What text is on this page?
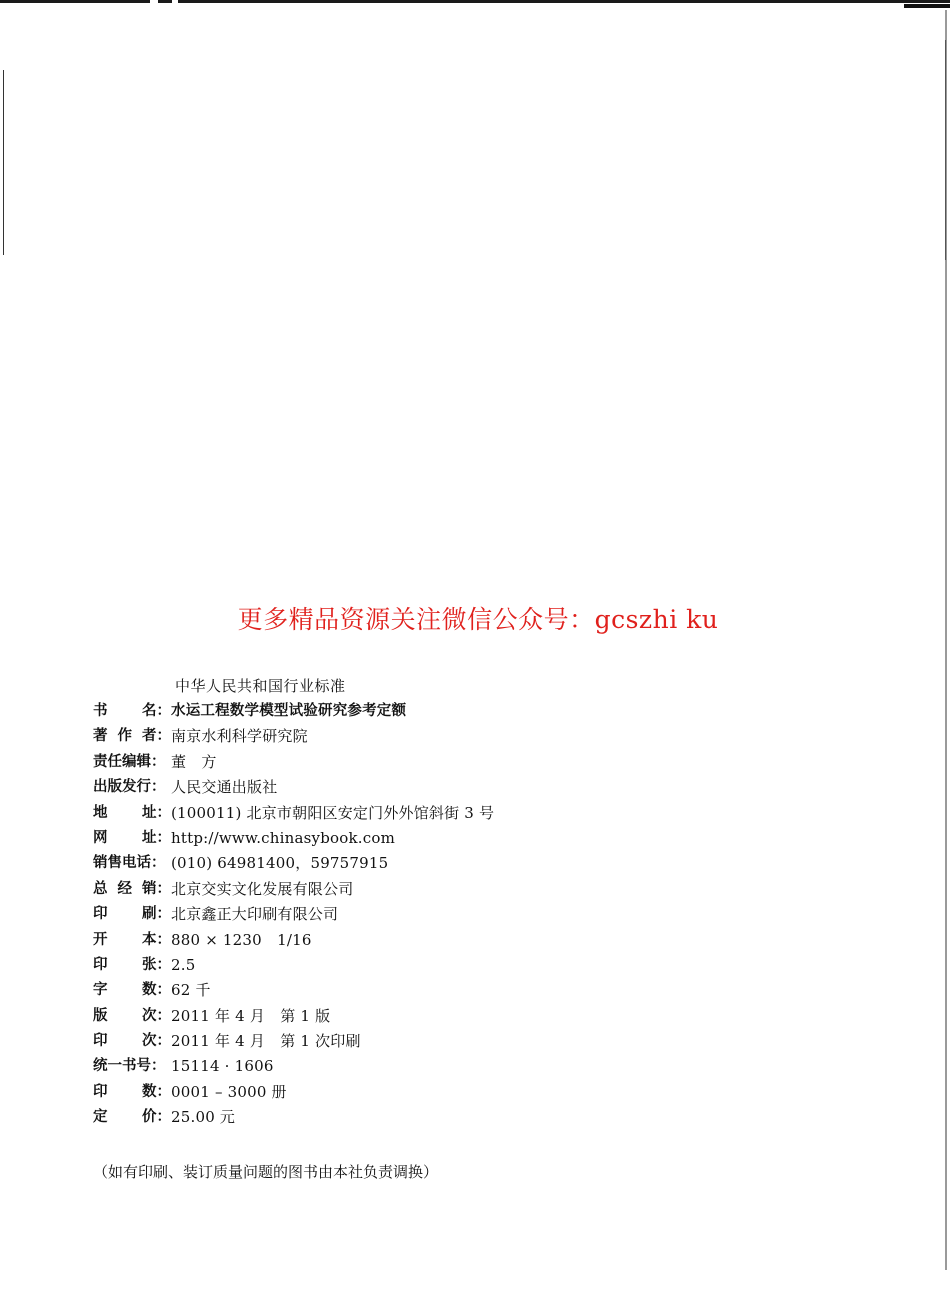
更多精品资源关注微信公众号：gcszhi ku
中华人民共和国行业标准
书 名： 水运工程数学模型试验研究参考定额
著 作 者： 南京水利科学研究院
责任编辑： 董　方
出版发行： 人民交通出版社
地 址： (100011) 北京市朝阳区安定门外外馆斜街 3 号
网 址： http://www.chinasybook.com
销售电话： (010) 64981400，59757915
总 经 销： 北京交实文化发展有限公司
印 刷： 北京鑫正大印刷有限公司
开 本： 880 × 1230　1/16
印 张： 2.5
字 数： 62 千
版 次： 2011 年 4 月　第 1 版
印 次： 2011 年 4 月　第 1 次印刷
统一书号： 15114 · 1606
印 数： 0001 – 3000 册
定 价： 25.00 元
（如有印刷、装订质量问题的图书由本社负责调换）
